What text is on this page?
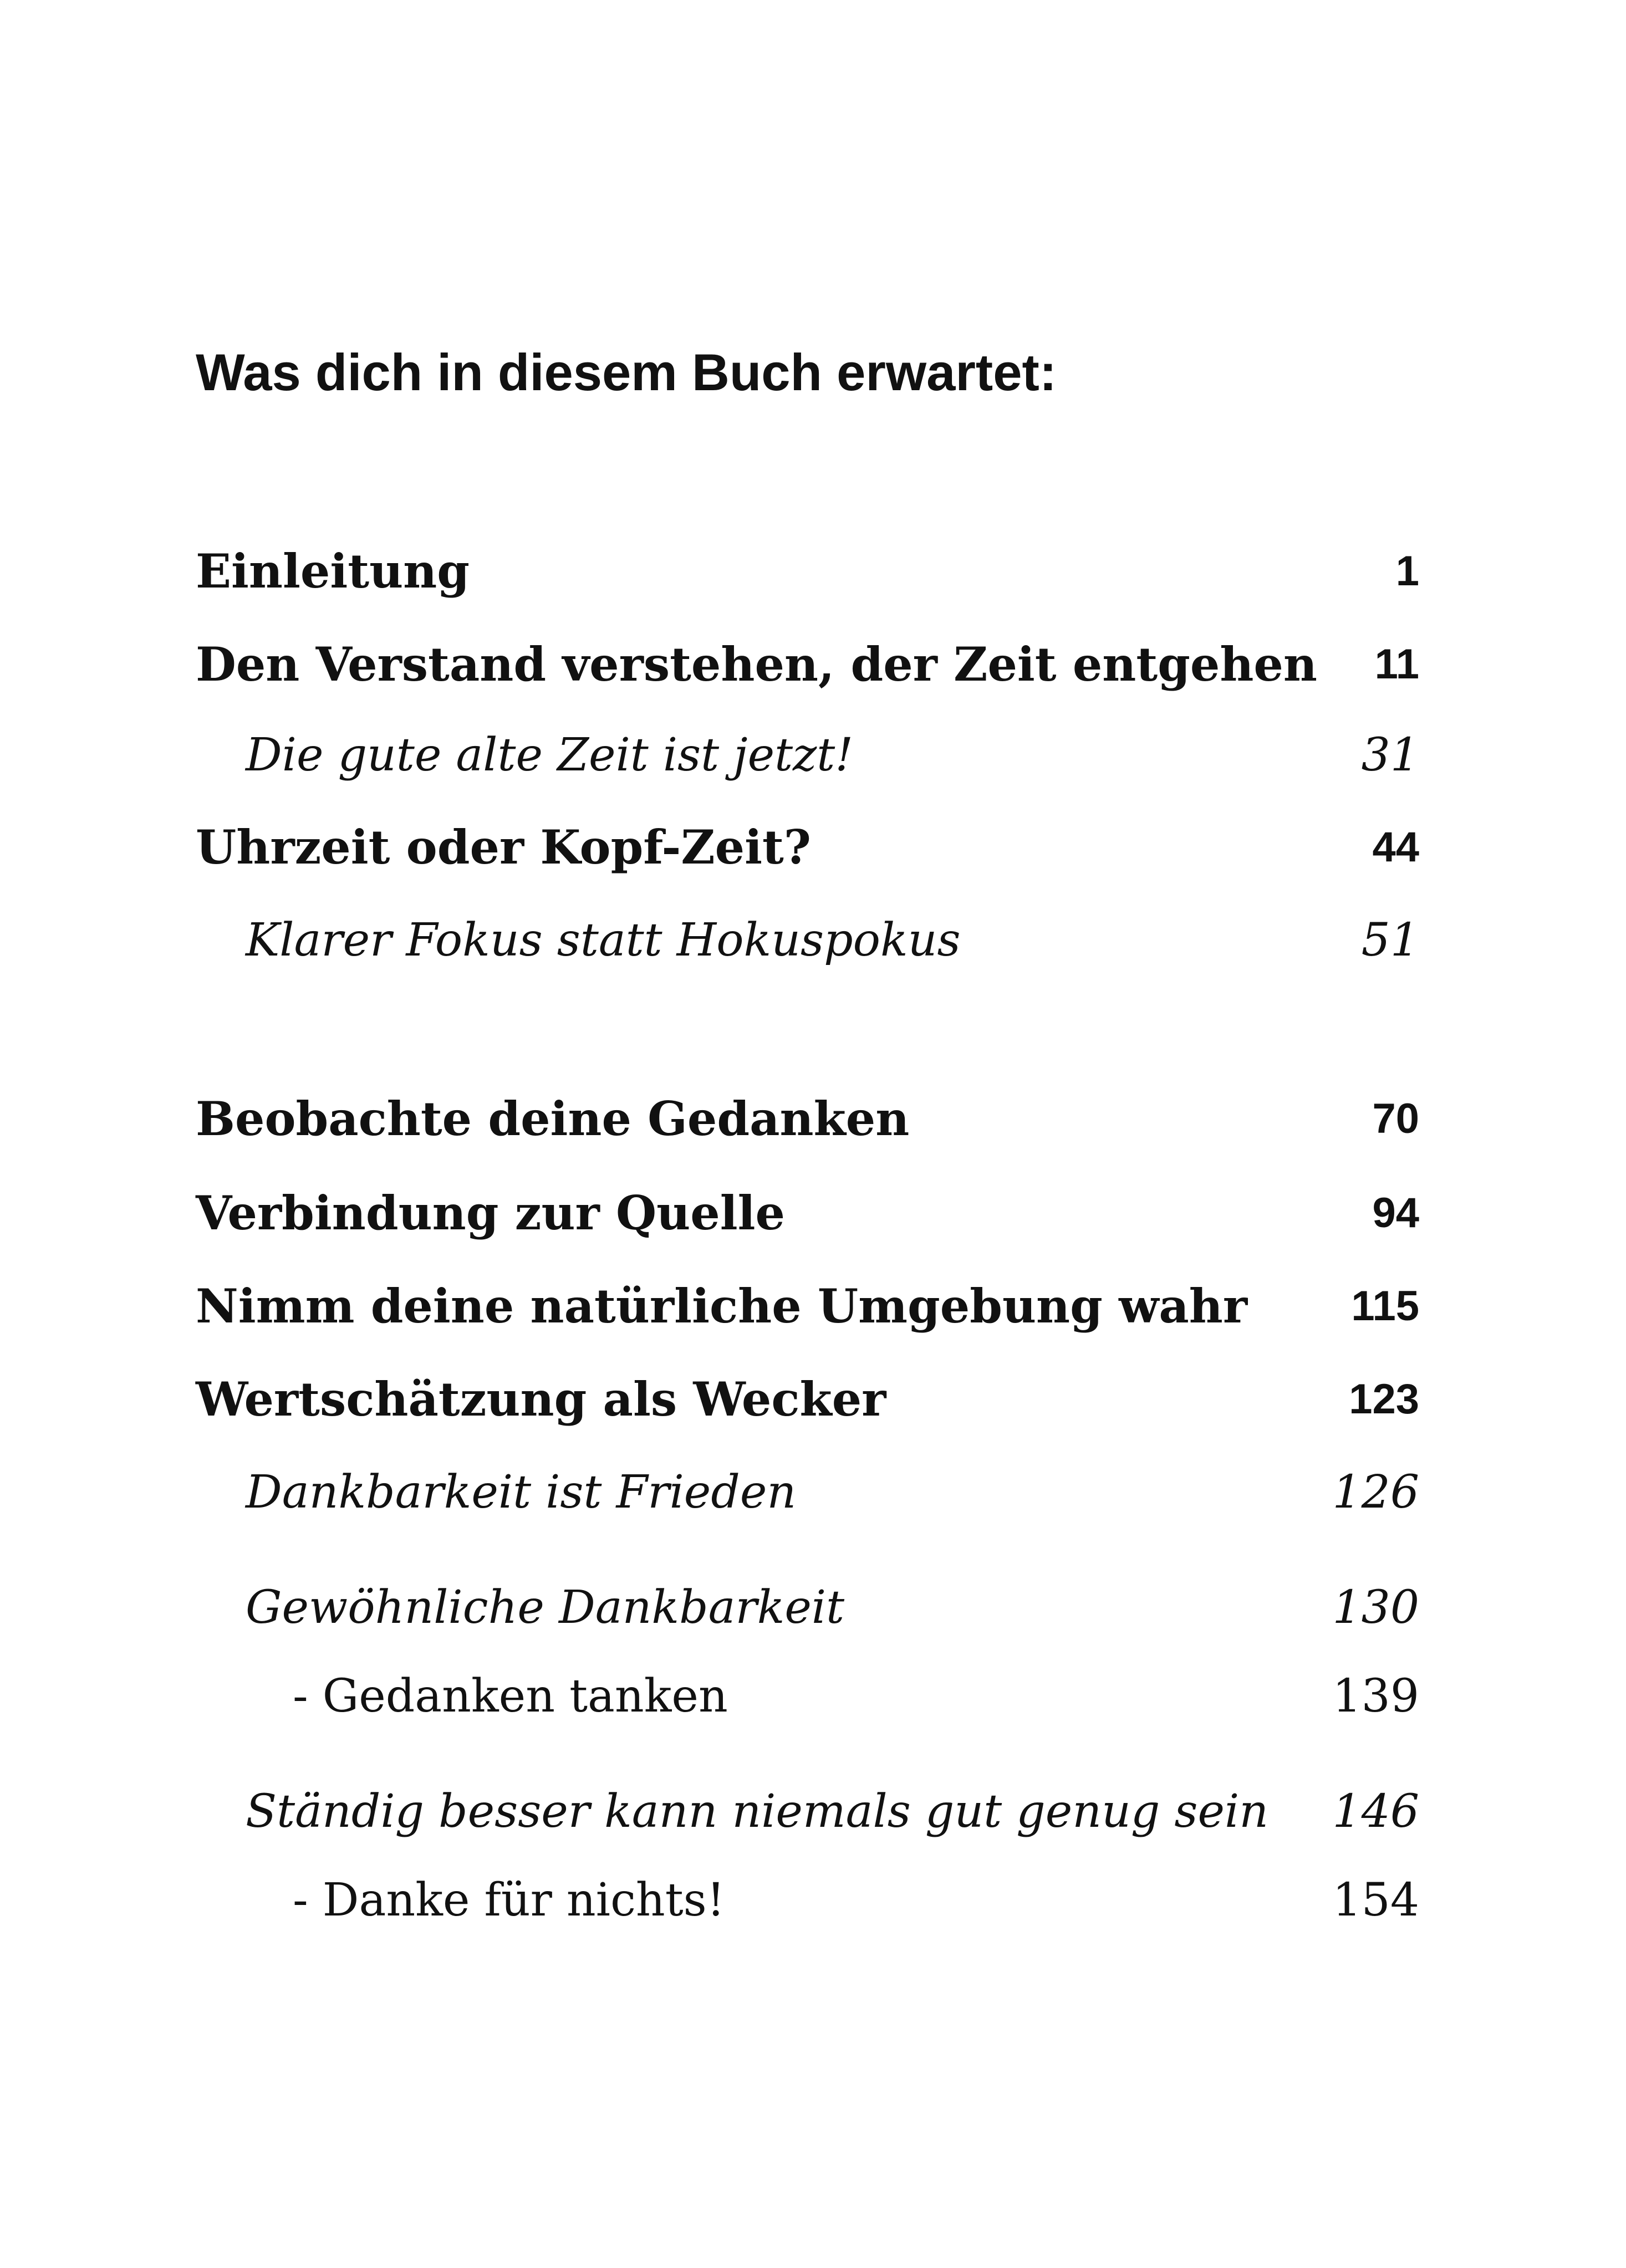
Was dich in diesem Buch erwartet:
Einleitung	1
Den Verstand verstehen, der Zeit entgehen 11
Die gute alte Zeit ist jetzt!	31
Uhrzeit oder Kopf-Zeit?	44
Klarer Fokus statt Hokuspokus	51
Beobachte deine Gedanken	70
Verbindung zur Quelle	94
Nimm deine natürliche Umgebung wahr 115
Wertschätzung als Wecker	123
Dankbarkeit ist Frieden	126
Gewöhnliche Dankbarkeit	130
- Gedanken tanken	139
Ständig besser kann niemals gut genug sein 146
- Danke für nichts!	154
